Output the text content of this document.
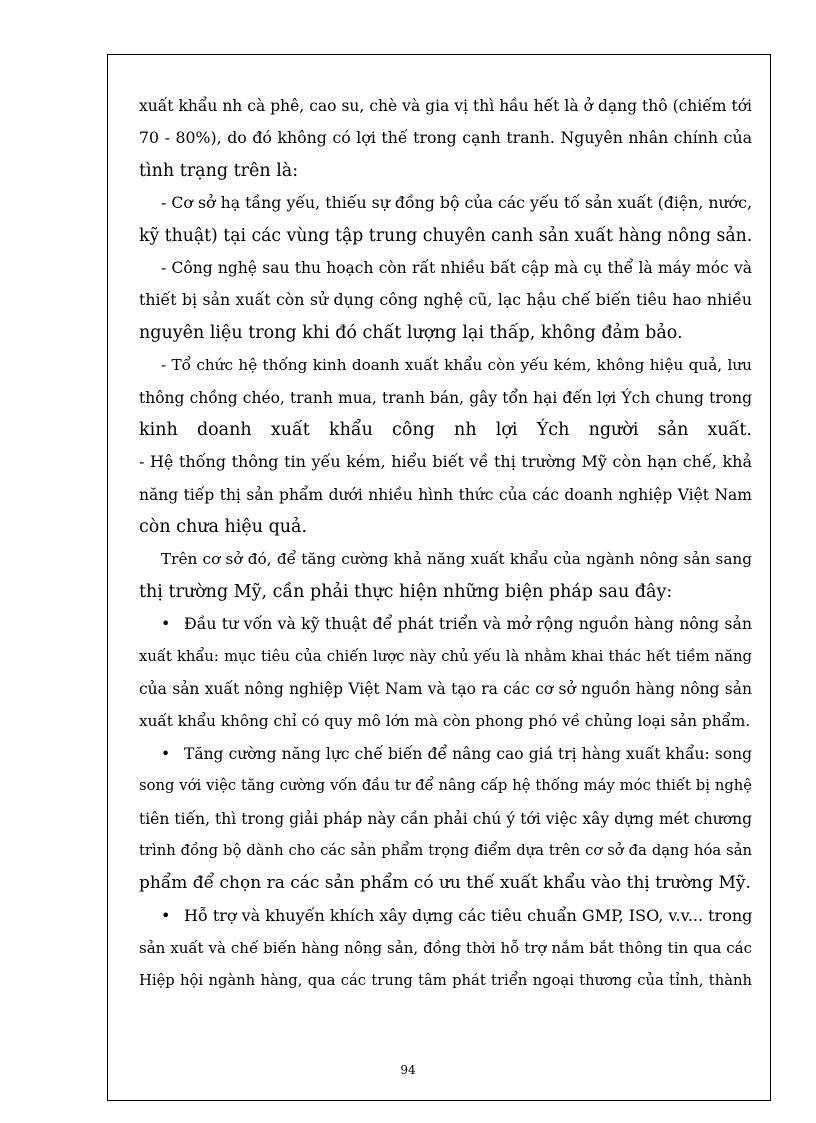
xuất khẩu nh cà phê, cao su, chè và gia vị thì hầu hết là ở dạng thô (chiếm tới
70 - 80%), do đó không có lợi thế trong cạnh tranh. Nguyên nhân chính của
tình trạng trên là:
- Cơ sở hạ tầng yếu, thiếu sự đồng bộ của các yếu tố sản xuất (điện, nước,
kỹ thuật) tại các vùng tập trung chuyên canh sản xuất hàng nông sản.
- Công nghệ sau thu hoạch còn rất nhiều bất cập mà cụ thể là máy móc và
thiết bị sản xuất còn sử dụng công nghệ cũ, lạc hậu chế biến tiêu hao nhiều
nguyên liệu trong khi đó chất lượng lại thấp, không đảm bảo.
- Tổ chức hệ thống kinh doanh xuất khẩu còn yếu kém, không hiệu quả, lưu
thông chồng chéo, tranh mua, tranh bán, gây tổn hại đến lợi Ých chung trong
kinh doanh xuất khẩu công nh lợi Ých người sản xuất.
- Hệ thống thông tin yếu kém, hiểu biết về thị trường Mỹ còn hạn chế, khả
năng tiếp thị sản phẩm dưới nhiều hình thức của các doanh nghiệp Việt Nam
còn chưa hiệu quả.
Trên cơ sở đó, để tăng cường khả năng xuất khẩu của ngành nông sản sang
thị trường Mỹ, cần phải thực hiện những biện pháp sau đây:
• Đầu tư vốn và kỹ thuật để phát triển và mở rộng nguồn hàng nông sản
xuất khẩu: mục tiêu của chiến lược này chủ yếu là nhằm khai thác hết tiềm năng
của sản xuất nông nghiệp Việt Nam và tạo ra các cơ sở nguồn hàng nông sản
xuất khẩu không chỉ có quy mô lớn mà còn phong phó về chủng loại sản phẩm.
• Tăng cường năng lực chế biến để nâng cao giá trị hàng xuất khẩu: song
song với việc tăng cường vốn đầu tư để nâng cấp hệ thống máy móc thiết bị nghệ
tiên tiến, thì trong giải pháp này cần phải chú ý tới việc xây dựng mét chương
trình đồng bộ dành cho các sản phẩm trọng điểm dựa trên cơ sở đa dạng hóa sản
phẩm để chọn ra các sản phẩm có ưu thế xuất khẩu vào thị trường Mỹ.
• Hỗ trợ và khuyến khích xây dựng các tiêu chuẩn GMP, ISO, v.v... trong
sản xuất và chế biến hàng nông sản, đồng thời hỗ trợ nắm bắt thông tin qua các
Hiệp hội ngành hàng, qua các trung tâm phát triển ngoại thương của tỉnh, thành
94
